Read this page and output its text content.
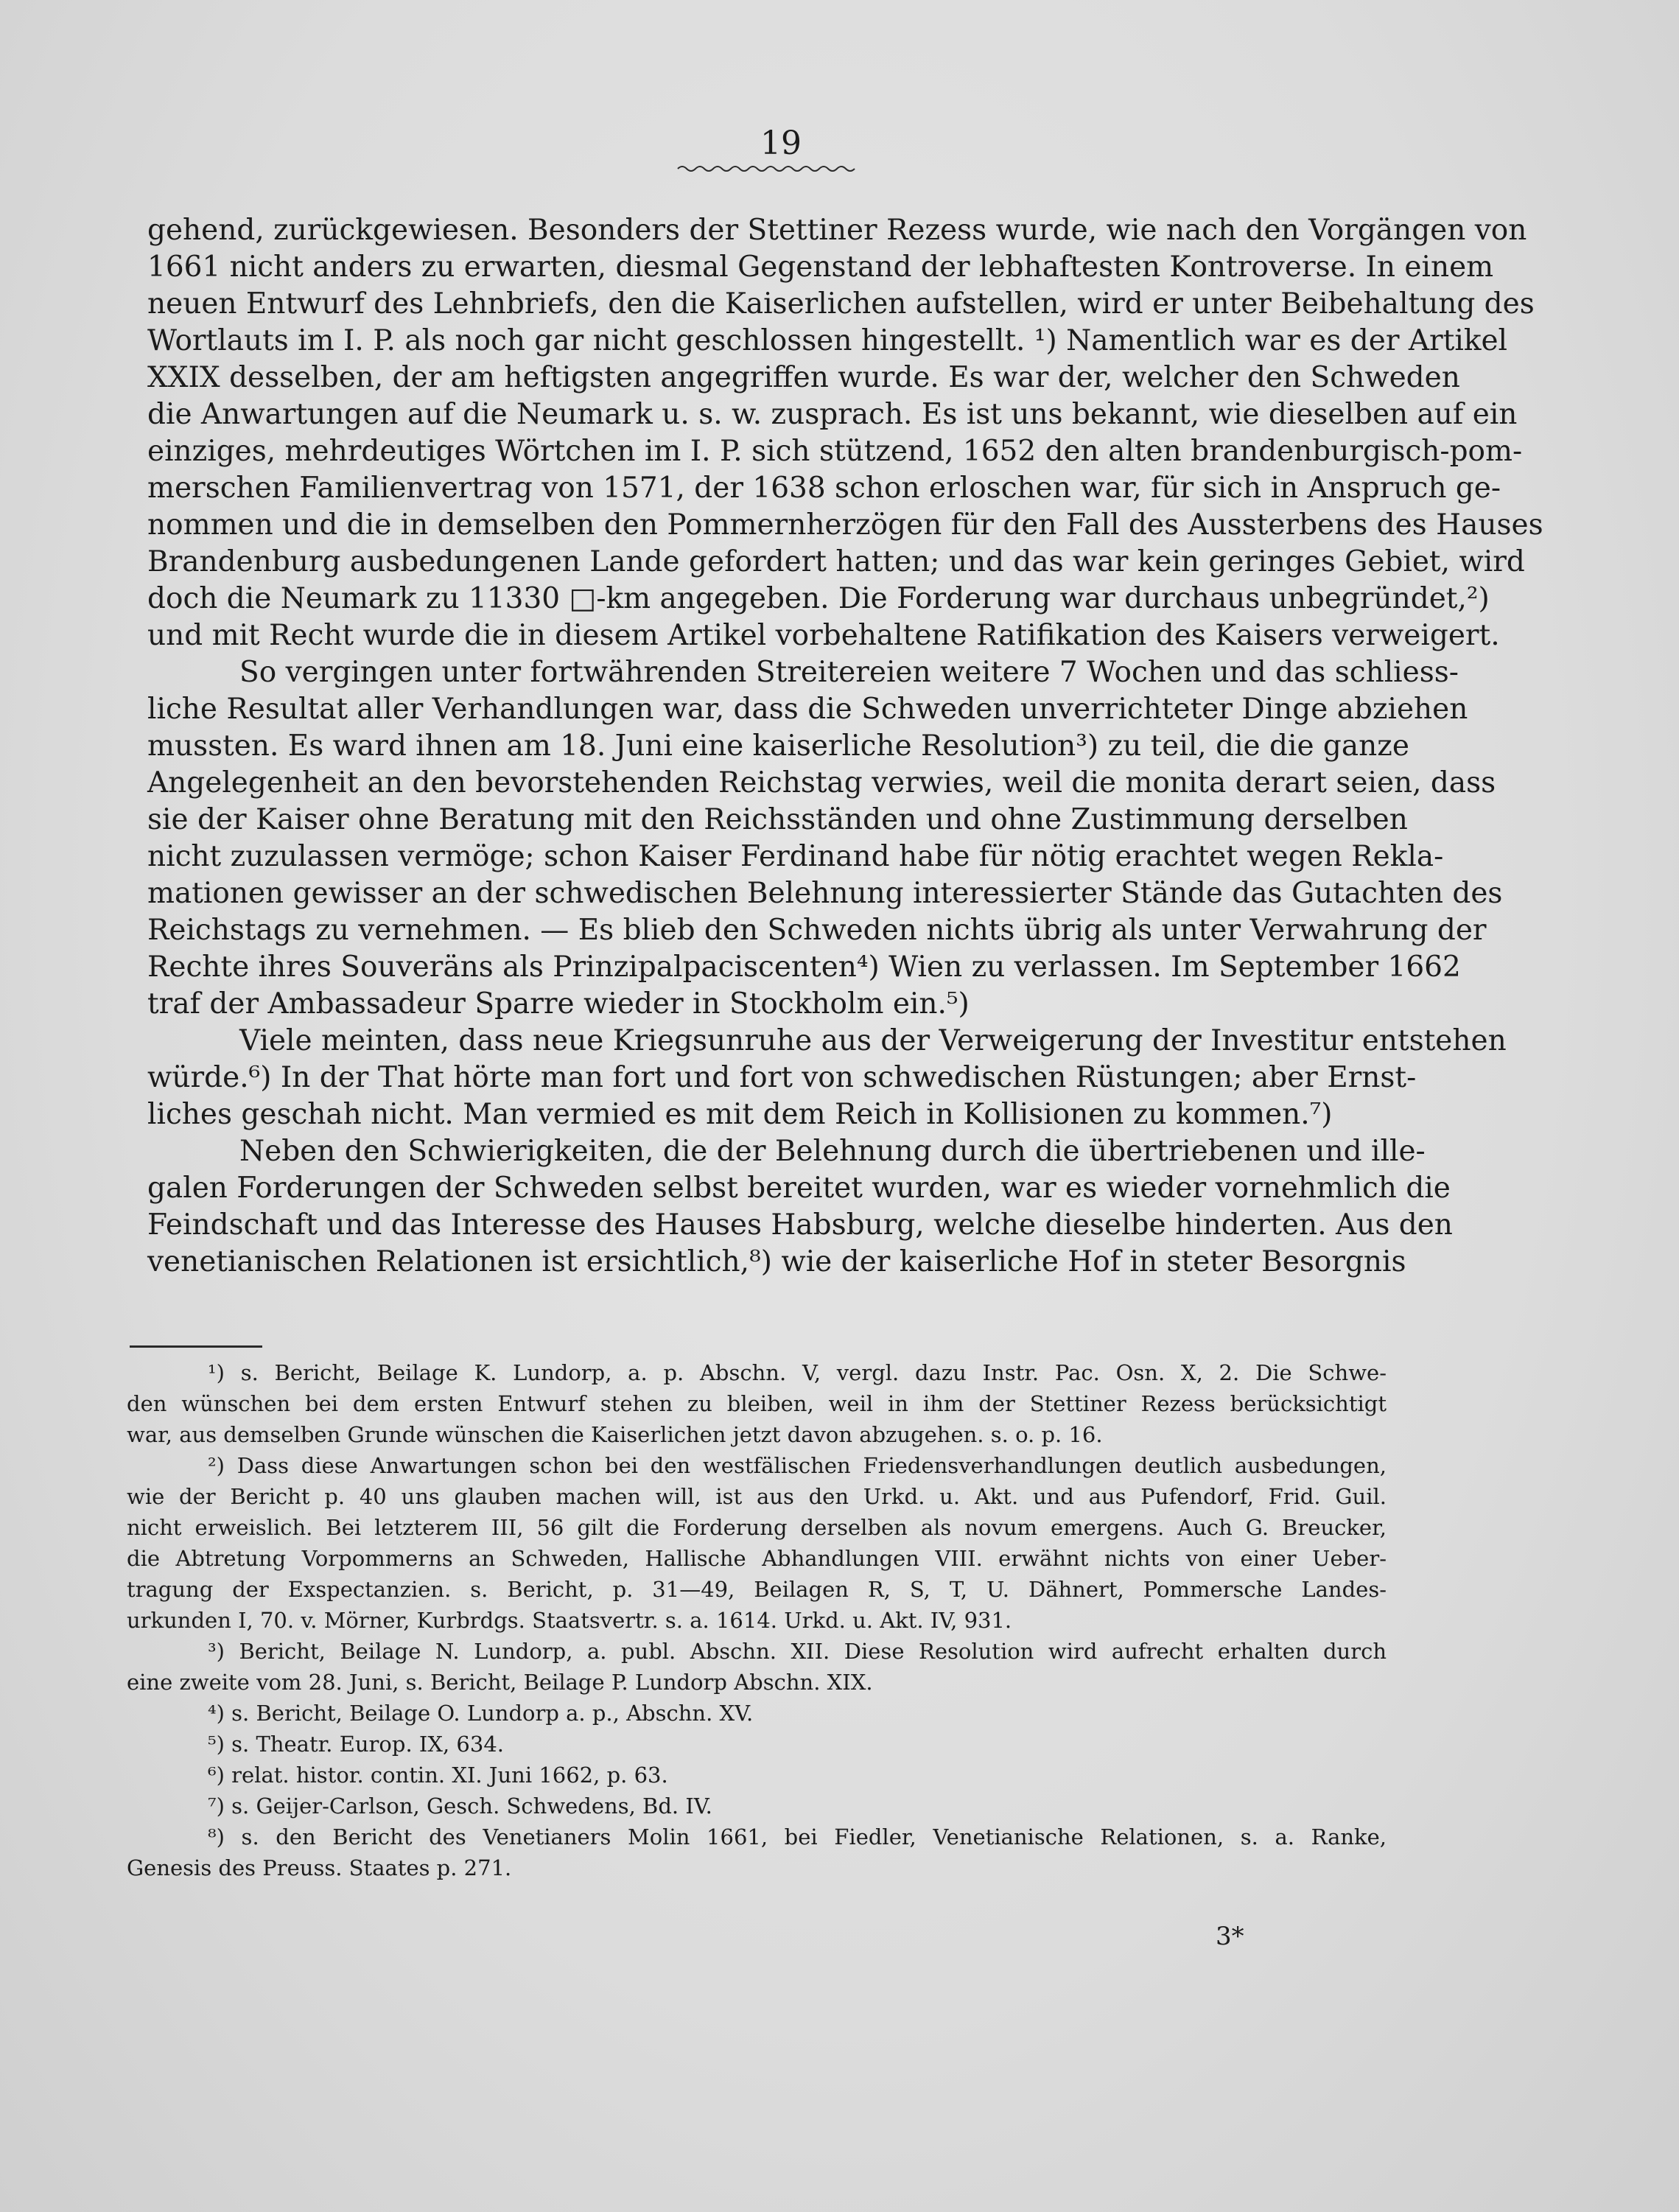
19
gehend, zurückgewiesen. Besonders der Stettiner Rezess wurde, wie nach den Vorgängen von
1661 nicht anders zu erwarten, diesmal Gegenstand der lebhaftesten Kontroverse. In einem
neuen Entwurf des Lehnbriefs, den die Kaiserlichen aufstellen, wird er unter Beibehaltung des
Wortlauts im I. P. als noch gar nicht geschlossen hingestellt. ¹) Namentlich war es der Artikel
XXIX desselben, der am heftigsten angegriffen wurde. Es war der, welcher den Schweden
die Anwartungen auf die Neumark u. s. w. zusprach. Es ist uns bekannt, wie dieselben auf ein
einziges, mehrdeutiges Wörtchen im I. P. sich stützend, 1652 den alten brandenburgisch-pom-
merschen Familienvertrag von 1571, der 1638 schon erloschen war, für sich in Anspruch ge-
nommen und die in demselben den Pommernherzögen für den Fall des Aussterbens des Hauses
Brandenburg ausbedungenen Lande gefordert hatten; und das war kein geringes Gebiet, wird
doch die Neumark zu 11330 □-km angegeben. Die Forderung war durchaus unbegründet,²)
und mit Recht wurde die in diesem Artikel vorbehaltene Ratifikation des Kaisers verweigert.
So vergingen unter fortwährenden Streitereien weitere 7 Wochen und das schliess-
liche Resultat aller Verhandlungen war, dass die Schweden unverrichteter Dinge abziehen
mussten. Es ward ihnen am 18. Juni eine kaiserliche Resolution³) zu teil, die die ganze
Angelegenheit an den bevorstehenden Reichstag verwies, weil die monita derart seien, dass
sie der Kaiser ohne Beratung mit den Reichsständen und ohne Zustimmung derselben
nicht zuzulassen vermöge; schon Kaiser Ferdinand habe für nötig erachtet wegen Rekla-
mationen gewisser an der schwedischen Belehnung interessierter Stände das Gutachten des
Reichstags zu vernehmen. — Es blieb den Schweden nichts übrig als unter Verwahrung der
Rechte ihres Souveräns als Prinzipalpaciscenten⁴) Wien zu verlassen. Im September 1662
traf der Ambassadeur Sparre wieder in Stockholm ein.⁵)
Viele meinten, dass neue Kriegsunruhe aus der Verweigerung der Investitur entstehen
würde.⁶) In der That hörte man fort und fort von schwedischen Rüstungen; aber Ernst-
liches geschah nicht. Man vermied es mit dem Reich in Kollisionen zu kommen.⁷)
Neben den Schwierigkeiten, die der Belehnung durch die übertriebenen und ille-
galen Forderungen der Schweden selbst bereitet wurden, war es wieder vornehmlich die
Feindschaft und das Interesse des Hauses Habsburg, welche dieselbe hinderten. Aus den
venetianischen Relationen ist ersichtlich,⁸) wie der kaiserliche Hof in steter Besorgnis
¹) s. Bericht, Beilage K. Lundorp, a. p. Abschn. V, vergl. dazu Instr. Pac. Osn. X, 2. Die Schwe-
den wünschen bei dem ersten Entwurf stehen zu bleiben, weil in ihm der Stettiner Rezess berücksichtigt
war, aus demselben Grunde wünschen die Kaiserlichen jetzt davon abzugehen. s. o. p. 16.
²) Dass diese Anwartungen schon bei den westfälischen Friedensverhandlungen deutlich ausbedungen,
wie der Bericht p. 40 uns glauben machen will, ist aus den Urkd. u. Akt. und aus Pufendorf, Frid. Guil.
nicht erweislich. Bei letzterem III, 56 gilt die Forderung derselben als novum emergens. Auch G. Breucker,
die Abtretung Vorpommerns an Schweden, Hallische Abhandlungen VIII. erwähnt nichts von einer Ueber-
tragung der Exspectanzien. s. Bericht, p. 31—49, Beilagen R, S, T, U. Dähnert, Pommersche Landes-
urkunden I, 70. v. Mörner, Kurbrdgs. Staatsvertr. s. a. 1614. Urkd. u. Akt. IV, 931.
³) Bericht, Beilage N. Lundorp, a. publ. Abschn. XII. Diese Resolution wird aufrecht erhalten durch
eine zweite vom 28. Juni, s. Bericht, Beilage P. Lundorp Abschn. XIX.
⁴) s. Bericht, Beilage O. Lundorp a. p., Abschn. XV.
⁵) s. Theatr. Europ. IX, 634.
⁶) relat. histor. contin. XI. Juni 1662, p. 63.
⁷) s. Geijer-Carlson, Gesch. Schwedens, Bd. IV.
⁸) s. den Bericht des Venetianers Molin 1661, bei Fiedler, Venetianische Relationen, s. a. Ranke,
Genesis des Preuss. Staates p. 271.
3*
